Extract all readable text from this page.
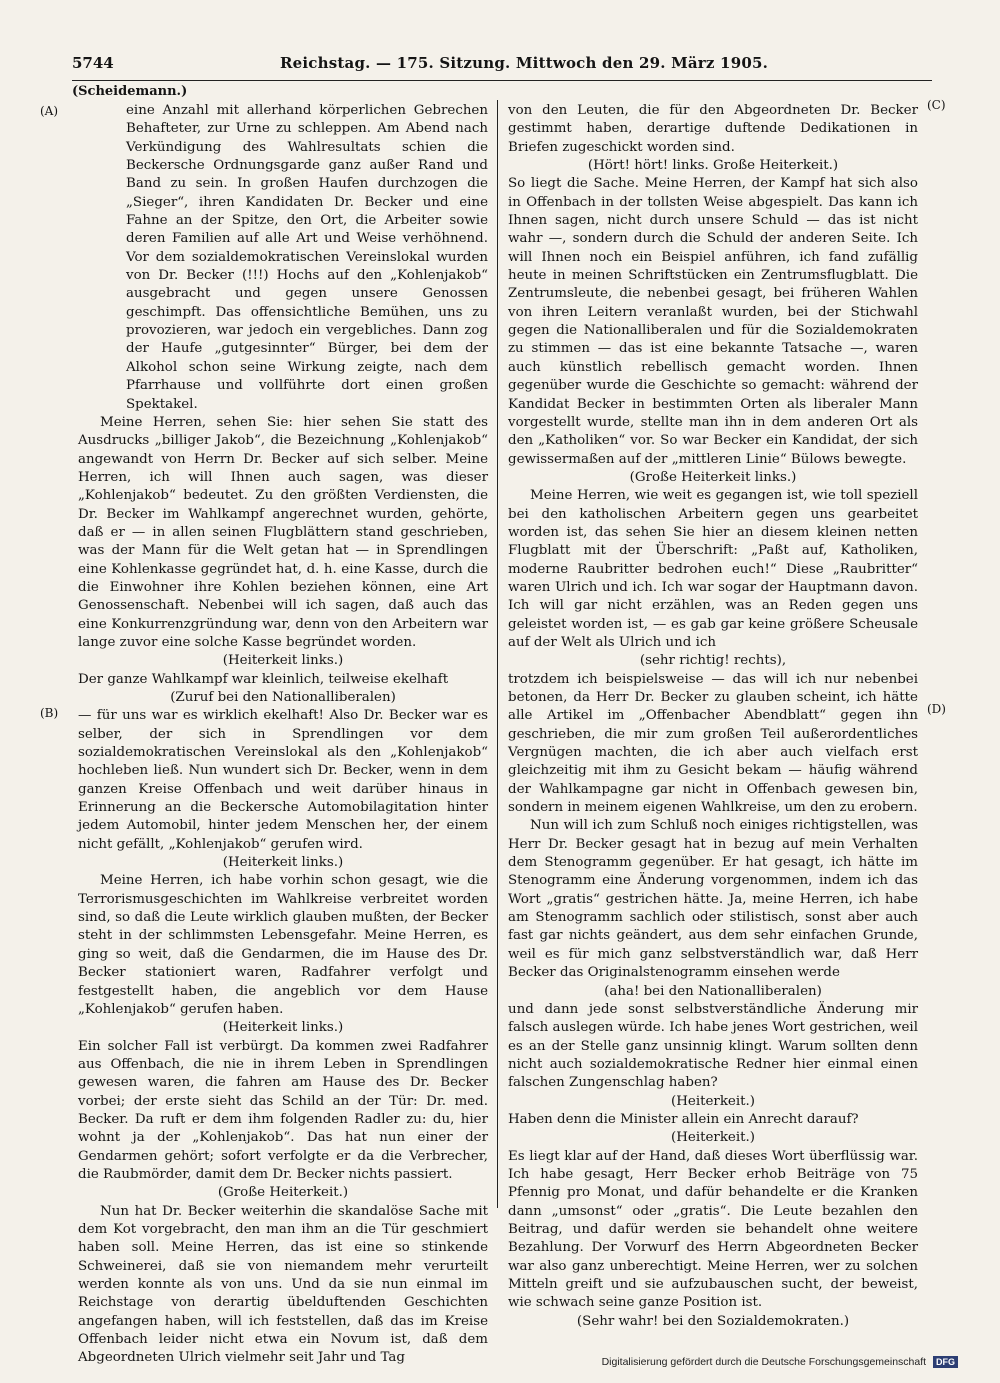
5744	Reichstag. — 175. Sitzung. Mittwoch den 29. März 1905.
(Scheidemann.)
(A)
(B)
(C)
(D)

eine Anzahl mit allerhand körperlichen Gebrechen Behafteter, zur Urne zu schleppen. Am Abend nach Verkündigung des Wahlresultats schien die Beckersche Ordnungsgarde ganz außer Rand und Band zu sein. In großen Haufen durchzogen die „Sieger“, ihren Kandidaten Dr. Becker und eine Fahne an der Spitze, den Ort, die Arbeiter sowie deren Familien auf alle Art und Weise verhöhnend. Vor dem sozialdemokratischen Vereinslokal wurden von Dr. Becker (!!!) Hochs auf den „Kohlenjakob“ ausgebracht und gegen unsere Genossen geschimpft. Das offensichtliche Bemühen, uns zu provozieren, war jedoch ein vergebliches. Dann zog der Haufe „gutgesinnter“ Bürger, bei dem der Alkohol schon seine Wirkung zeigte, nach dem Pfarrhause und vollführte dort einen großen Spektakel.

Meine Herren, sehen Sie: hier sehen Sie statt des Ausdrucks „billiger Jakob“, die Bezeichnung „Kohlenjakob“ angewandt von Herrn Dr. Becker auf sich selber. Meine Herren, ich will Ihnen auch sagen, was dieser „Kohlenjakob“ bedeutet. Zu den größten Verdiensten, die Dr. Becker im Wahlkampf angerechnet wurden, gehörte, daß er — in allen seinen Flugblättern stand geschrieben, was der Mann für die Welt getan hat — in Sprendlingen eine Kohlenkasse gegründet hat, d. h. eine Kasse, durch die die Einwohner ihre Kohlen beziehen können, eine Art Genossenschaft. Nebenbei will ich sagen, daß auch das eine Konkurrenzgründung war, denn von den Arbeitern war lange zuvor eine solche Kasse begründet worden.

(Heiterkeit links.)

Der ganze Wahlkampf war kleinlich, teilweise ekelhaft

(Zuruf bei den Nationalliberalen)

— für uns war es wirklich ekelhaft! Also Dr. Becker war es selber, der sich in Sprendlingen vor dem sozialdemokratischen Vereinslokal als den „Kohlenjakob“ hochleben ließ. Nun wundert sich Dr. Becker, wenn in dem ganzen Kreise Offenbach und weit darüber hinaus in Erinnerung an die Beckersche Automobilagitation hinter jedem Automobil, hinter jedem Menschen her, der einem nicht gefällt, „Kohlenjakob“ gerufen wird.

(Heiterkeit links.)

Meine Herren, ich habe vorhin schon gesagt, wie die Terrorismusgeschichten im Wahlkreise verbreitet worden sind, so daß die Leute wirklich glauben mußten, der Becker steht in der schlimmsten Lebensgefahr. Meine Herren, es ging so weit, daß die Gendarmen, die im Hause des Dr. Becker stationiert waren, Radfahrer verfolgt und festgestellt haben, die angeblich vor dem Hause „Kohlenjakob“ gerufen haben.

(Heiterkeit links.)

Ein solcher Fall ist verbürgt. Da kommen zwei Radfahrer aus Offenbach, die nie in ihrem Leben in Sprendlingen gewesen waren, die fahren am Hause des Dr. Becker vorbei; der erste sieht das Schild an der Tür: Dr. med. Becker. Da ruft er dem ihm folgenden Radler zu: du, hier wohnt ja der „Kohlenjakob“. Das hat nun einer der Gendarmen gehört; sofort verfolgte er da die Verbrecher, die Raubmörder, damit dem Dr. Becker nichts passiert.

(Große Heiterkeit.)

Nun hat Dr. Becker weiterhin die skandalöse Sache mit dem Kot vorgebracht, den man ihm an die Tür geschmiert haben soll. Meine Herren, das ist eine so stinkende Schweinerei, daß sie von niemandem mehr verurteilt werden konnte als von uns. Und da sie nun einmal im Reichstage von derartig übelduftenden Geschichten angefangen haben, will ich feststellen, daß das im Kreise Offenbach leider nicht etwa ein Novum ist, daß dem Abgeordneten Ulrich vielmehr seit Jahr und Tag

von den Leuten, die für den Abgeordneten Dr. Becker gestimmt haben, derartige duftende Dedikationen in Briefen zugeschickt worden sind.

(Hört! hört! links. Große Heiterkeit.)

So liegt die Sache. Meine Herren, der Kampf hat sich also in Offenbach in der tollsten Weise abgespielt. Das kann ich Ihnen sagen, nicht durch unsere Schuld — das ist nicht wahr —, sondern durch die Schuld der anderen Seite. Ich will Ihnen noch ein Beispiel anführen, ich fand zufällig heute in meinen Schriftstücken ein Zentrumsflugblatt. Die Zentrumsleute, die nebenbei gesagt, bei früheren Wahlen von ihren Leitern veranlaßt wurden, bei der Stichwahl gegen die Nationalliberalen und für die Sozialdemokraten zu stimmen — das ist eine bekannte Tatsache —, waren auch künstlich rebellisch gemacht worden. Ihnen gegenüber wurde die Geschichte so gemacht: während der Kandidat Becker in bestimmten Orten als liberaler Mann vorgestellt wurde, stellte man ihn in dem anderen Ort als den „Katholiken“ vor. So war Becker ein Kandidat, der sich gewissermaßen auf der „mittleren Linie“ Bülows bewegte.

(Große Heiterkeit links.)

Meine Herren, wie weit es gegangen ist, wie toll speziell bei den katholischen Arbeitern gegen uns gearbeitet worden ist, das sehen Sie hier an diesem kleinen netten Flugblatt mit der Überschrift: „Paßt auf, Katholiken, moderne Raubritter bedrohen euch!“ Diese „Raubritter“ waren Ulrich und ich. Ich war sogar der Hauptmann davon. Ich will gar nicht erzählen, was an Reden gegen uns geleistet worden ist, — es gab gar keine größere Scheusale auf der Welt als Ulrich und ich

(sehr richtig! rechts),

trotzdem ich beispielsweise — das will ich nur nebenbei betonen, da Herr Dr. Becker zu glauben scheint, ich hätte alle Artikel im „Offenbacher Abendblatt“ gegen ihn geschrieben, die mir zum großen Teil außerordentliches Vergnügen machten, die ich aber auch vielfach erst gleichzeitig mit ihm zu Gesicht bekam — häufig während der Wahlkampagne gar nicht in Offenbach gewesen bin, sondern in meinem eigenen Wahlkreise, um den zu erobern.

Nun will ich zum Schluß noch einiges richtigstellen, was Herr Dr. Becker gesagt hat in bezug auf mein Verhalten dem Stenogramm gegenüber. Er hat gesagt, ich hätte im Stenogramm eine Änderung vorgenommen, indem ich das Wort „gratis“ gestrichen hätte. Ja, meine Herren, ich habe am Stenogramm sachlich oder stilistisch, sonst aber auch fast gar nichts geändert, aus dem sehr einfachen Grunde, weil es für mich ganz selbstverständlich war, daß Herr Becker das Originalstenogramm einsehen werde

(aha! bei den Nationalliberalen)

und dann jede sonst selbstverständliche Änderung mir falsch auslegen würde. Ich habe jenes Wort gestrichen, weil es an der Stelle ganz unsinnig klingt. Warum sollten denn nicht auch sozialdemokratische Redner hier einmal einen falschen Zungenschlag haben?

(Heiterkeit.)

Haben denn die Minister allein ein Anrecht darauf?

(Heiterkeit.)

Es liegt klar auf der Hand, daß dieses Wort überflüssig war. Ich habe gesagt, Herr Becker erhob Beiträge von 75 Pfennig pro Monat, und dafür behandelte er die Kranken dann „umsonst“ oder „gratis“. Die Leute bezahlen den Beitrag, und dafür werden sie behandelt ohne weitere Bezahlung. Der Vorwurf des Herrn Abgeordneten Becker war also ganz unberechtigt. Meine Herren, wer zu solchen Mitteln greift und sie aufzubauschen sucht, der beweist, wie schwach seine ganze Position ist.

(Sehr wahr! bei den Sozialdemokraten.)

Digitalisierung gefördert durch die Deutsche Forschungsgemeinschaft DFG
